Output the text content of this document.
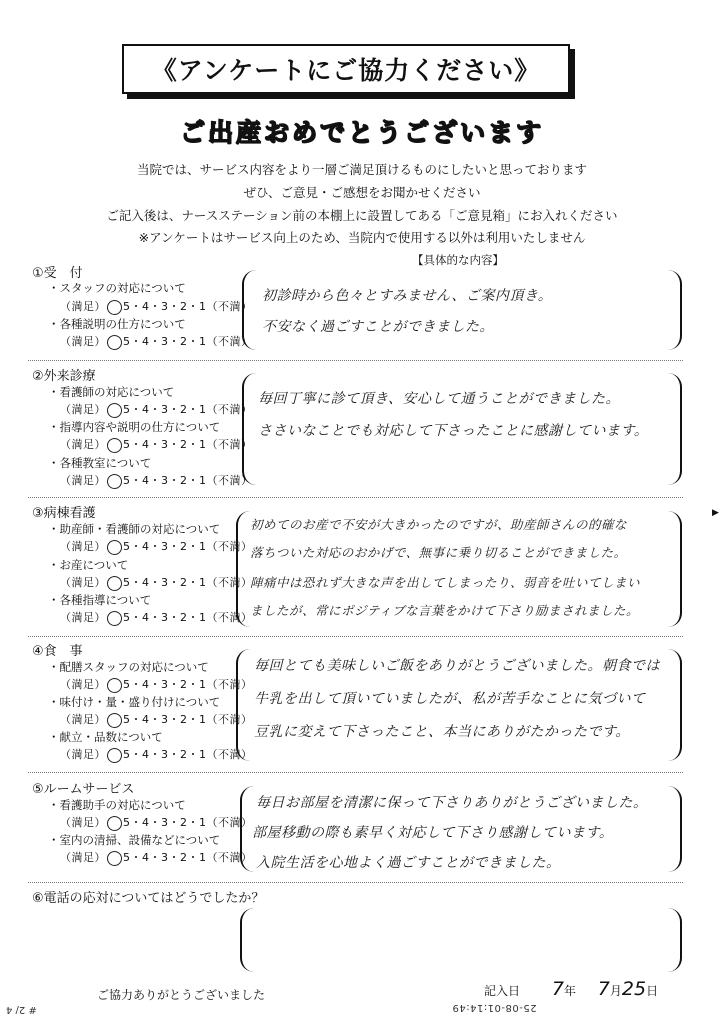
《アンケートにご協力ください》
ご出産おめでとうございます
当院では、サービス内容をより一層ご満足頂けるものにしたいと思っております
ぜひ、ご意見・ご感想をお聞かせください
ご記入後は、ナースステーション前の本棚上に設置してある「ご意見箱」にお入れください
※アンケートはサービス向上のため、当院内で使用する以外は利用いたしません
【具体的な内容】
①受　付
・スタッフの対応について
（満足） 5・4・3・2・1（不満）
・各種説明の仕方について
（満足） 5・4・3・2・1（不満）
初診時から色々とすみません、ご案内頂き。
不安なく過ごすことができました。
②外来診療
・看護師の対応について
（満足） 5・4・3・2・1（不満）
・指導内容や説明の仕方について
（満足） 5・4・3・2・1（不満）
・各種教室について
（満足） 5・4・3・2・1（不満）
毎回丁寧に診て頂き、安心して通うことができました。
ささいなことでも対応して下さったことに感謝しています。
③病棟看護
・助産師・看護師の対応について
（満足） 5・4・3・2・1（不満）
・お産について
（満足） 5・4・3・2・1（不満）
・各種指導について
（満足） 5・4・3・2・1（不満）
初めてのお産で不安が大きかったのですが、助産師さんの的確な
落ちついた対応のおかげで、無事に乗り切ることができました。
陣痛中は恐れず大きな声を出してしまったり、弱音を吐いてしまい
ましたが、常にポジティブな言葉をかけて下さり励まされました。
④食　事
・配膳スタッフの対応について
（満足） 5・4・3・2・1（不満）
・味付け・量・盛り付けについて
（満足） 5・4・3・2・1（不満）
・献立・品数について
（満足） 5・4・3・2・1（不満）
毎回とても美味しいご飯をありがとうございました。朝食では
牛乳を出して頂いていましたが、私が苦手なことに気づいて
豆乳に変えて下さったこと、本当にありがたかったです。
⑤ルームサービス
・看護助手の対応について
（満足） 5・4・3・2・1（不満）
・室内の清掃、設備などについて
（満足） 5・4・3・2・1（不満）
毎日お部屋を清潔に保って下さりありがとうございました。
部屋移動の際も素早く対応して下さり感謝しています。
入院生活を心地よく過ごすことができました。
⑥電話の応対についてはどうでしたか？
ご協力ありがとうございました	記入日 7年 7月25日
25-08-01:14:49
# 2/ 4
▶
